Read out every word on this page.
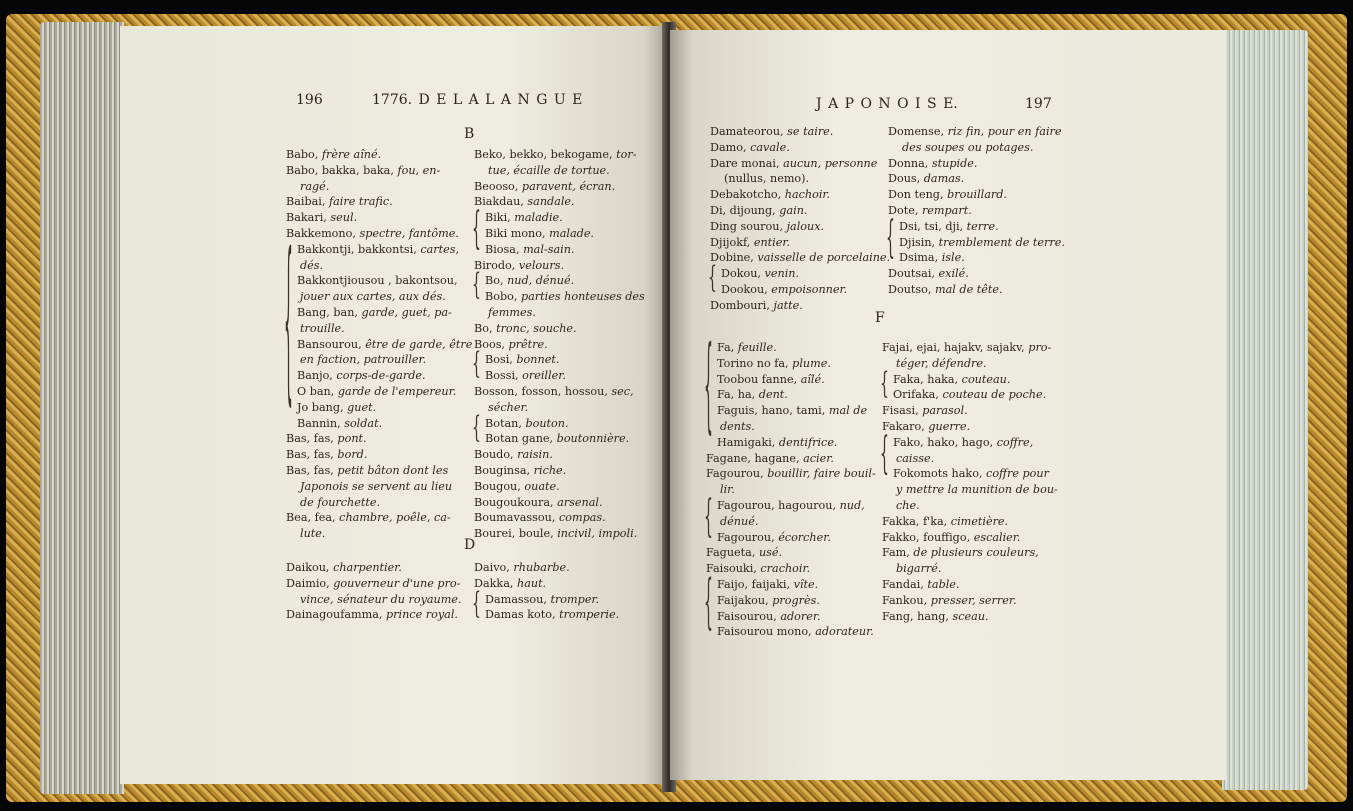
196	1776. D E L A L A N G U E
B
Babo, frère aîné.
Babo, bakka, baka, fou, en-
ragé.
Baibai, faire trafic.
Bakari, seul.
Bakkemono, spectre, fantôme.
Bakkontji, bakkontsi, cartes,
dés.
Bakkontjiousou , bakontsou,
jouer aux cartes, aux dés.
Bang, ban, garde, guet, pa-
trouille.
Bansourou, être de garde, être
en faction, patrouiller.
Banjo, corps-de-garde.
O ban, garde de l'empereur.
Jo bang, guet.
Bannin, soldat.
Bas, fas, pont.
Bas, fas, bord.
Bas, fas, petit bâton dont les
Japonois se servent au lieu
de fourchette.
Bea, fea, chambre, poêle, ca-
lute.
{
Beko, bekko, bekogame, tor-
tue, écaille de tortue.
Beooso, paravent, écran.
Biakdau, sandale.
Biki, maladie.
Biki mono, malade.
Biosa, mal-sain.
Birodo, velours.
Bo, nud, dénué.
Bobo, parties honteuses des
femmes.
Bo, tronc, souche.
Boos, prêtre.
Bosi, bonnet.
Bossi, oreiller.
Bosson, fosson, hossou, sec,
sécher.
Botan, bouton.
Botan gane, boutonnière.
Boudo, raisin.
Bouginsa, riche.
Bougou, ouate.
Bougoukoura, arsenal.
Boumavassou, compas.
Bourei, boule, incivil, impoli.
{
{
{
{
D
Daikou, charpentier.
Daimio, gouverneur d'une pro-
vince, sénateur du royaume.
Dainagoufamma, prince royal.
Daivo, rhubarbe.
Dakka, haut.
Damassou, tromper.
Damas koto, tromperie.
{
J A P O N O I S E.	197
Damateorou, se taire.
Damo, cavale.
Dare monai, aucun, personne
(nullus, nemo).
Debakotcho, hachoir.
Di, dijoung, gain.
Ding sourou, jaloux.
Djijokf, entier.
Dobine, vaisselle de porcelaine.
Dokou, venin.
Dookou, empoisonner.
Dombouri, jatte.
{
Domense, riz fin, pour en faire
des soupes ou potages.
Donna, stupide.
Dous, damas.
Don teng, brouillard.
Dote, rempart.
Dsi, tsi, dji, terre.
Djisin, tremblement de terre.
Dsima, isle.
Doutsai, exilé.
Doutso, mal de tête.
{
F
Fa, feuille.
Torino no fa, plume.
Toobou fanne, aîlé.
Fa, ha, dent.
Faguis, hano, tami, mal de
dents.
Hamigaki, dentifrice.
Fagane, hagane, acier.
Fagourou, bouillir, faire bouil-
lir.
Fagourou, hagourou, nud,
dénué.
Fagourou, écorcher.
Fagueta, usé.
Faisouki, crachoir.
Faijo, faijaki, vîte.
Faijakou, progrès.
Faisourou, adorer.
Faisourou mono, adorateur.
{
{
{
Fajai, ejai, hajakv, sajakv, pro-
téger, défendre.
Faka, haka, couteau.
Orifaka, couteau de poche.
Fisasi, parasol.
Fakaro, guerre.
Fako, hako, hago, coffre,
caisse.
Fokomots hako, coffre pour
y mettre la munition de bou-
che.
Fakka, f'ka, cimetière.
Fakko, fouffigo, escalier.
Fam, de plusieurs couleurs,
bigarré.
Fandai, table.
Fankou, presser, serrer.
Fang, hang, sceau.
{
{
